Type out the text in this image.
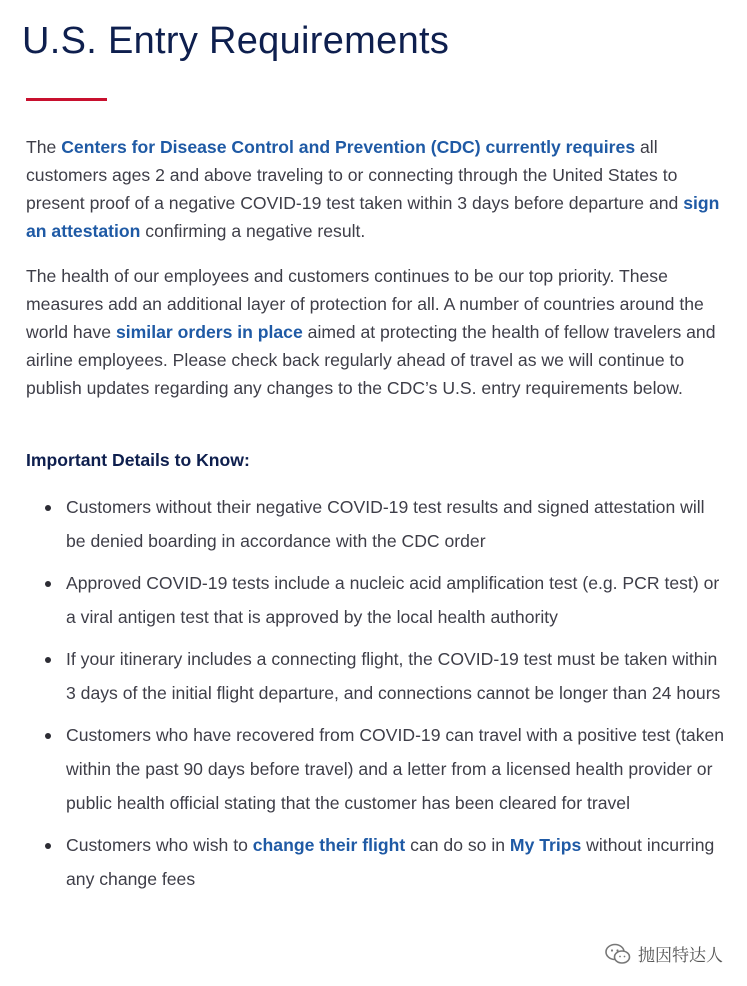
U.S. Entry Requirements

The Centers for Disease Control and Prevention (CDC) currently requires all customers ages 2 and above traveling to or connecting through the United States to present proof of a negative COVID-19 test taken within 3 days before departure and sign an attestation confirming a negative result.

The health of our employees and customers continues to be our top priority. These measures add an additional layer of protection for all. A number of countries around the world have similar orders in place aimed at protecting the health of fellow travelers and airline employees. Please check back regularly ahead of travel as we will continue to publish updates regarding any changes to the CDC’s U.S. entry requirements below.

Important Details to Know:
Customers without their negative COVID-19 test results and signed attestation will be denied boarding in accordance with the CDC order
Approved COVID-19 tests include a nucleic acid amplification test (e.g. PCR test) or a viral antigen test that is approved by the local health authority
If your itinerary includes a connecting flight, the COVID-19 test must be taken within 3 days of the initial flight departure, and connections cannot be longer than 24 hours
Customers who have recovered from COVID-19 can travel with a positive test (taken within the past 90 days before travel) and a letter from a licensed health provider or public health official stating that the customer has been cleared for travel
Customers who wish to change their flight can do so in My Trips without incurring any change fees
抛因特达人
